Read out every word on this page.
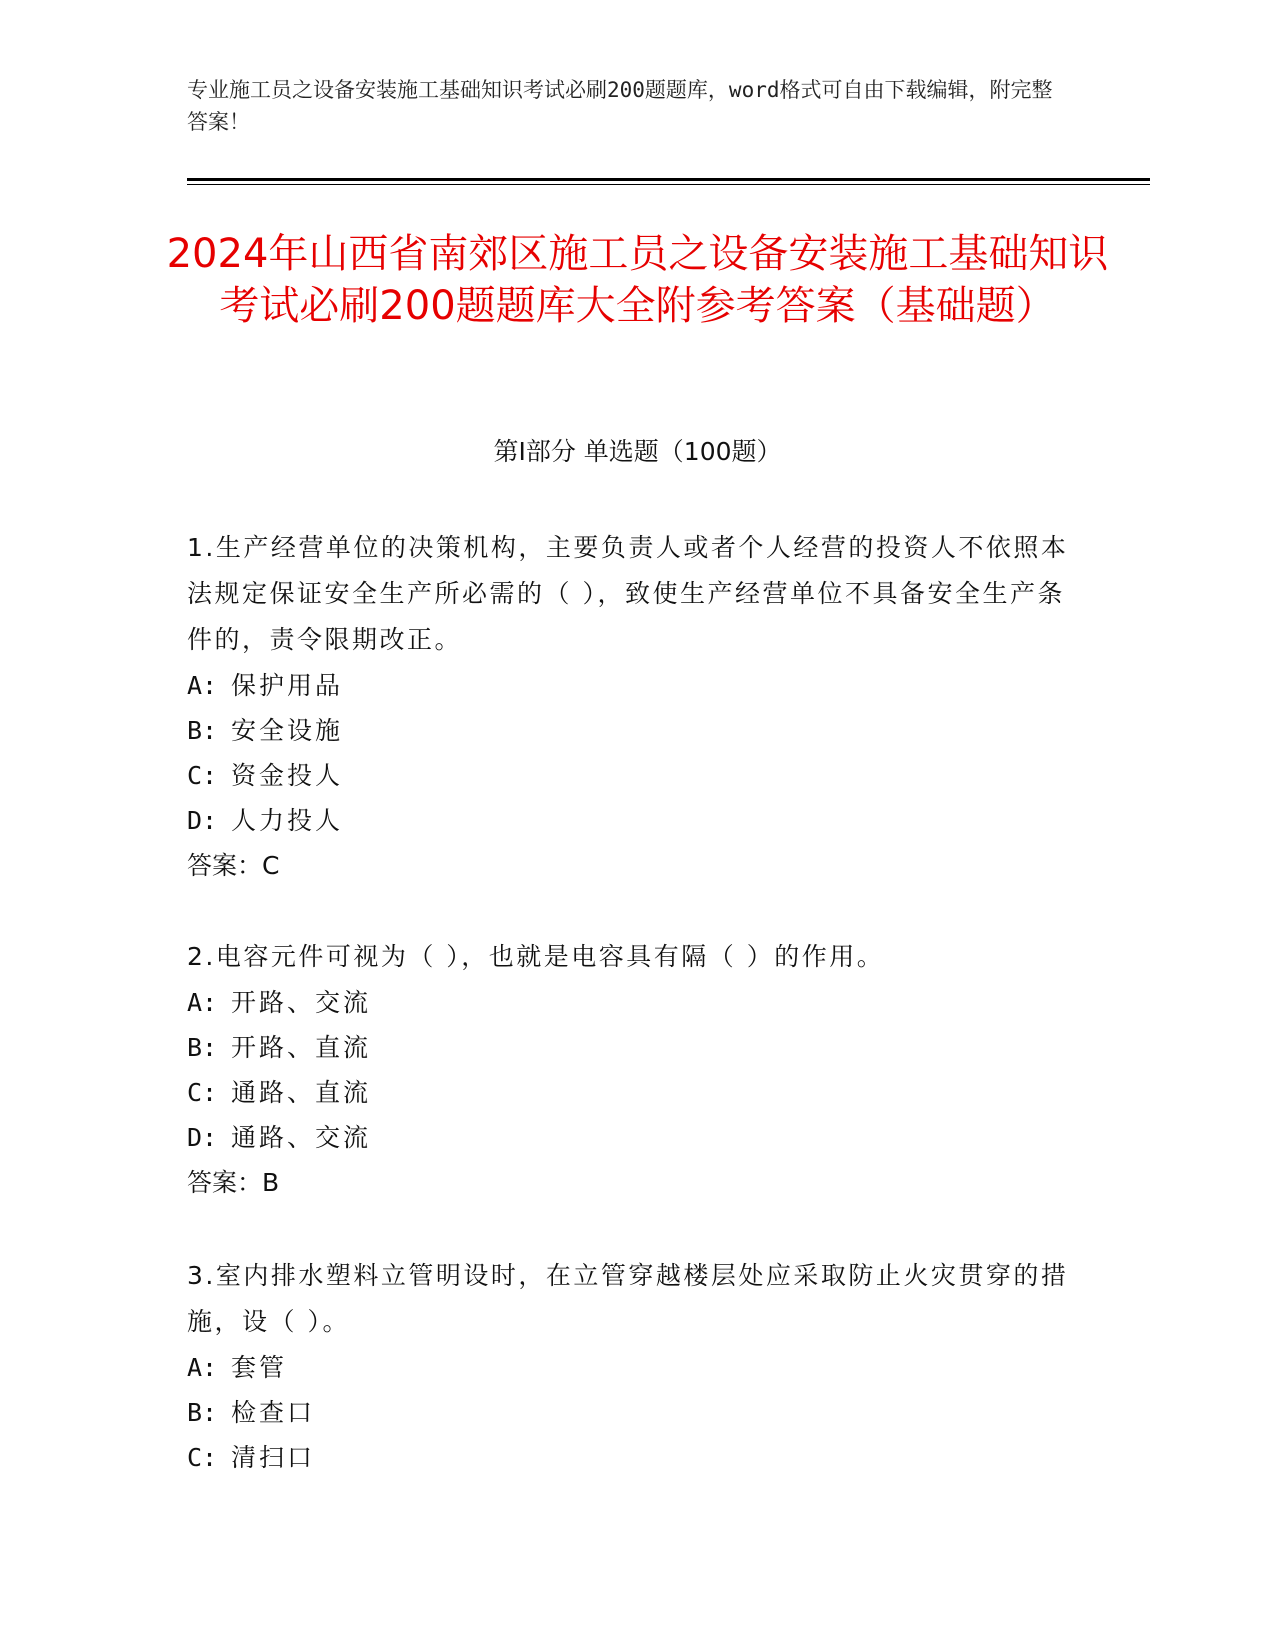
专业施工员之设备安装施工基础知识考试必刷200题题库，word格式可自由下载编辑，附完整答案！
2024年山西省南郊区施工员之设备安装施工基础知识考试必刷200题题库大全附参考答案（基础题）
第I部分 单选题（100题）
1.生产经营单位的决策机构，主要负责人或者个人经营的投资人不依照本法规定保证安全生产所必需的（ ），致使生产经营单位不具备安全生产条件的，责令限期改正。
A: 保护用品
B: 安全设施
C: 资金投人
D: 人力投人
答案：C
2.电容元件可视为（ ），也就是电容具有隔（ ）的作用。
A: 开路、交流
B: 开路、直流
C: 通路、直流
D: 通路、交流
答案：B
3.室内排水塑料立管明设时，在立管穿越楼层处应采取防止火灾贯穿的措施，设（ ）。
A: 套管
B: 检查口
C: 清扫口
